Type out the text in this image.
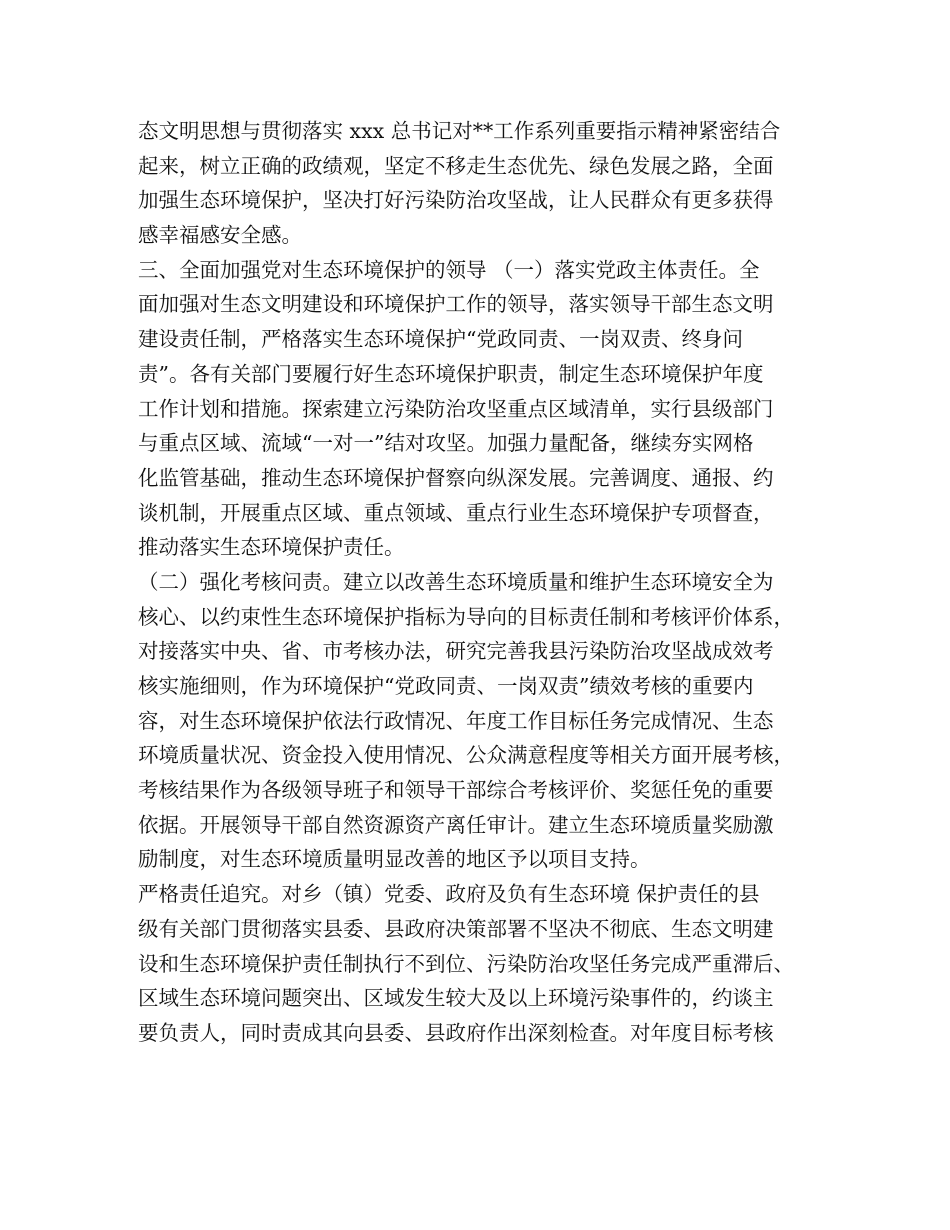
态文明思想与贯彻落实 xxx 总书记对**工作系列重要指示精神紧密结合
起来，树立正确的政绩观，坚定不移走生态优先、绿色发展之路，全面
加强生态环境保护，坚决打好污染防治攻坚战，让人民群众有更多获得
感幸福感安全感。
三、全面加强党对生态环境保护的领导 （一）落实党政主体责任。全
面加强对生态文明建设和环境保护工作的领导，落实领导干部生态文明
建设责任制，严格落实生态环境保护“党政同责、一岗双责、终身问
责”。各有关部门要履行好生态环境保护职责，制定生态环境保护年度
工作计划和措施。探索建立污染防治攻坚重点区域清单，实行县级部门
与重点区域、流域“一对一”结对攻坚。加强力量配备，继续夯实网格
化监管基础，推动生态环境保护督察向纵深发展。完善调度、通报、约
谈机制，开展重点区域、重点领域、重点行业生态环境保护专项督查，
推动落实生态环境保护责任。
（二）强化考核问责。建立以改善生态环境质量和维护生态环境安全为
核心、以约束性生态环境保护指标为导向的目标责任制和考核评价体系，
对接落实中央、省、市考核办法，研究完善我县污染防治攻坚战成效考
核实施细则，作为环境保护“党政同责、一岗双责”绩效考核的重要内
容，对生态环境保护依法行政情况、年度工作目标任务完成情况、生态
环境质量状况、资金投入使用情况、公众满意程度等相关方面开展考核，
考核结果作为各级领导班子和领导干部综合考核评价、奖惩任免的重要
依据。开展领导干部自然资源资产离任审计。建立生态环境质量奖励激
励制度，对生态环境质量明显改善的地区予以项目支持。
严格责任追究。对乡（镇）党委、政府及负有生态环境 保护责任的县
级有关部门贯彻落实县委、县政府决策部署不坚决不彻底、生态文明建
设和生态环境保护责任制执行不到位、污染防治攻坚任务完成严重滞后、
区域生态环境问题突出、区域发生较大及以上环境污染事件的，约谈主
要负责人，同时责成其向县委、县政府作出深刻检查。对年度目标考核
